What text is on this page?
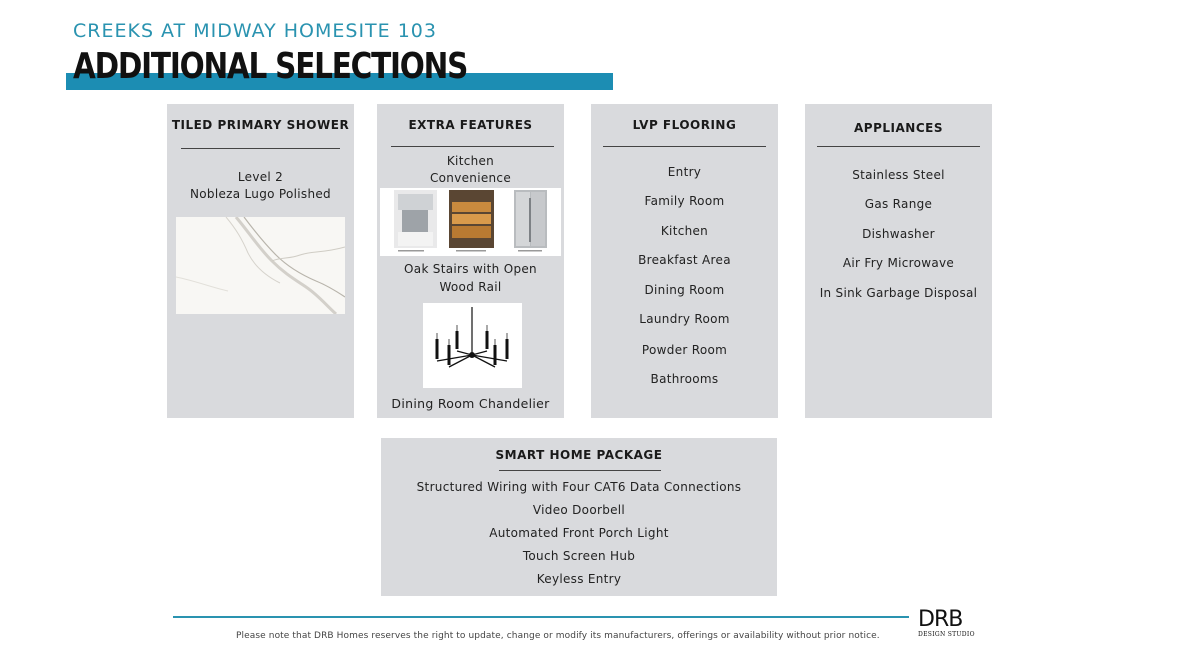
CREEKS AT MIDWAY HOMESITE 103
ADDITIONAL SELECTIONS
TILED PRIMARY SHOWER
Level 2
Nobleza Lugo Polished
EXTRA FEATURES
Kitchen Convenience
Oak Stairs with Open Wood Rail
Dining Room Chandelier
LVP FLOORING
Entry
Family Room
Kitchen
Breakfast Area
Dining Room
Laundry Room
Powder Room
Bathrooms
APPLIANCES
Stainless Steel
Gas Range
Dishwasher
Air Fry Microwave
In Sink Garbage Disposal
SMART HOME PACKAGE
Structured Wiring with Four CAT6 Data Connections
Video Doorbell
Automated Front Porch Light
Touch Screen Hub
Keyless Entry
Please note that DRB Homes reserves the right to update, change or modify its manufacturers, offerings or availability without prior notice.
DRB
DESIGN STUDIO
